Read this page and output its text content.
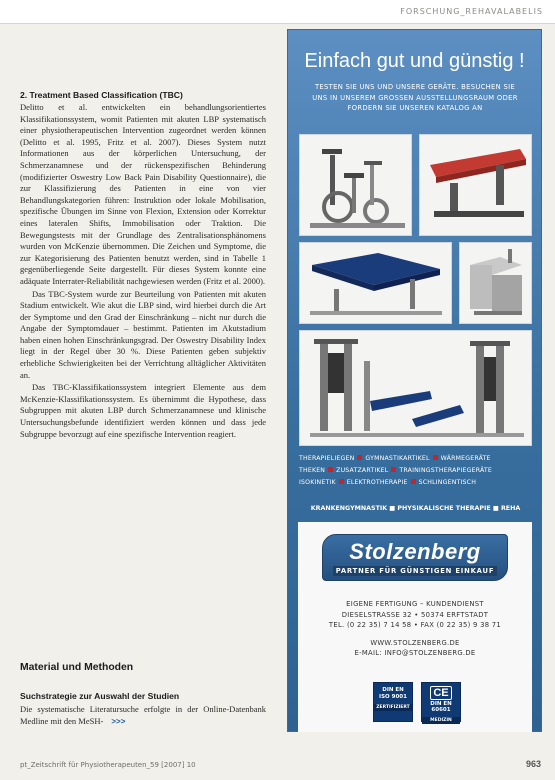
FORSCHUNG_REHAVALABELIS
2. Treatment Based Classification (TBC)

Delitto et al. entwickelten ein behandlungsorientiertes Klassifikationssystem, womit Patienten mit akuten LBP systematisch einer physiotherapeutischen Intervention zugeordnet werden können (Delitto et al. 1995, Fritz et al. 2007). Dieses System nutzt Informationen aus der körperlichen Untersuchung, der Schmerzanamnese und der rückenspezifischen Behinderung (modifizierter Oswestry Low Back Pain Disability Questionnaire), die zur Klassifizierung des Patienten in eine von vier Behandlungskategorien führen: Instruktion oder lokale Mobilisation, spezifische Übungen im Sinne von Flexion, Extension oder Korrektur eines lateralen Shifts, Immobilisation oder Traktion. Die Bewegungstests mit der Grundlage des Zentralisationsphänomens wurden von McKenzie übernommen. Die Zeichen und Symptome, die zur Kategorisierung des Patienten benutzt werden, sind in Tabelle 1 gegenüberliegende Seite dargestellt. Für dieses System konnte eine adäquate Interrater-Reliabilität nachgewiesen werden (Fritz et al. 2000).

Das TBC-System wurde zur Beurteilung von Patienten mit akuten Stadium entwickelt. Wie akut die LBP sind, wird hierbei durch die Art der Symptome und den Grad der Einschränkung – nicht nur durch die Angabe der Symptomdauer – bestimmt. Patienten im Akutstadium haben einen hohen Einschränkungsgrad. Der Oswestry Disability Index liegt in der Regel über 30 %. Diese Patienten geben subjektiv erhebliche Schwierigkeiten bei der Verrichtung alltäglicher Aktivitäten an.

Das TBC-Klassifikationssystem integriert Elemente aus dem McKenzie-Klassifikationssystem. Es übernimmt die Hypothese, dass Subgruppen mit akuten LBP durch Schmerzanamnese und klinische Untersuchungsbefunde identifiziert werden können und dass jede Subgruppe bevorzugt auf eine spezifische Intervention reagiert.

Material und Methoden
Suchstrategie zur Auswahl der Studien
Die systematische Literatursuche erfolgte in der Online-Datenbank Medline mit den MeSH- >>>
pt_Zeitschrift für Physiotherapeuten_59 [2007] 10	963
Einfach gut und günstig !
TESTEN SIE UNS UND UNSERE GERÄTE. BESUCHEN SIE
UNS IN UNSEREM GROSSEN AUSSTELLUNGSRAUM ODER
FORDERN SIE UNSEREN KATALOG AN
THERAPIELIEGEN GYMNASTIKARTIKEL WÄRMEGERÄTE
THEKEN ZUSATZARTIKEL TRAININGSTHERAPIEGERÄTE
ISOKINETIK ELEKTROTHERAPIE SCHLINGENTISCH
KRANKENGYMNASTIK ■ PHYSIKALISCHE THERAPIE ■ REHA
Stolzenberg
PARTNER FÜR GÜNSTIGEN EINKAUF
EIGENE FERTIGUNG – KUNDENDIENST
DIESELSTRASSE 32 • 50374 ERFTSTADT
TEL. (0 22 35) 7 14 58 • FAX (0 22 35) 9 38 71
WWW.STOLZENBERG.DE
E-MAIL: INFO@STOLZENBERG.DE
DIN EN
ISO 9001
ZERTIFIZIERT
CE
DIN EN 60601
MEDIZIN
